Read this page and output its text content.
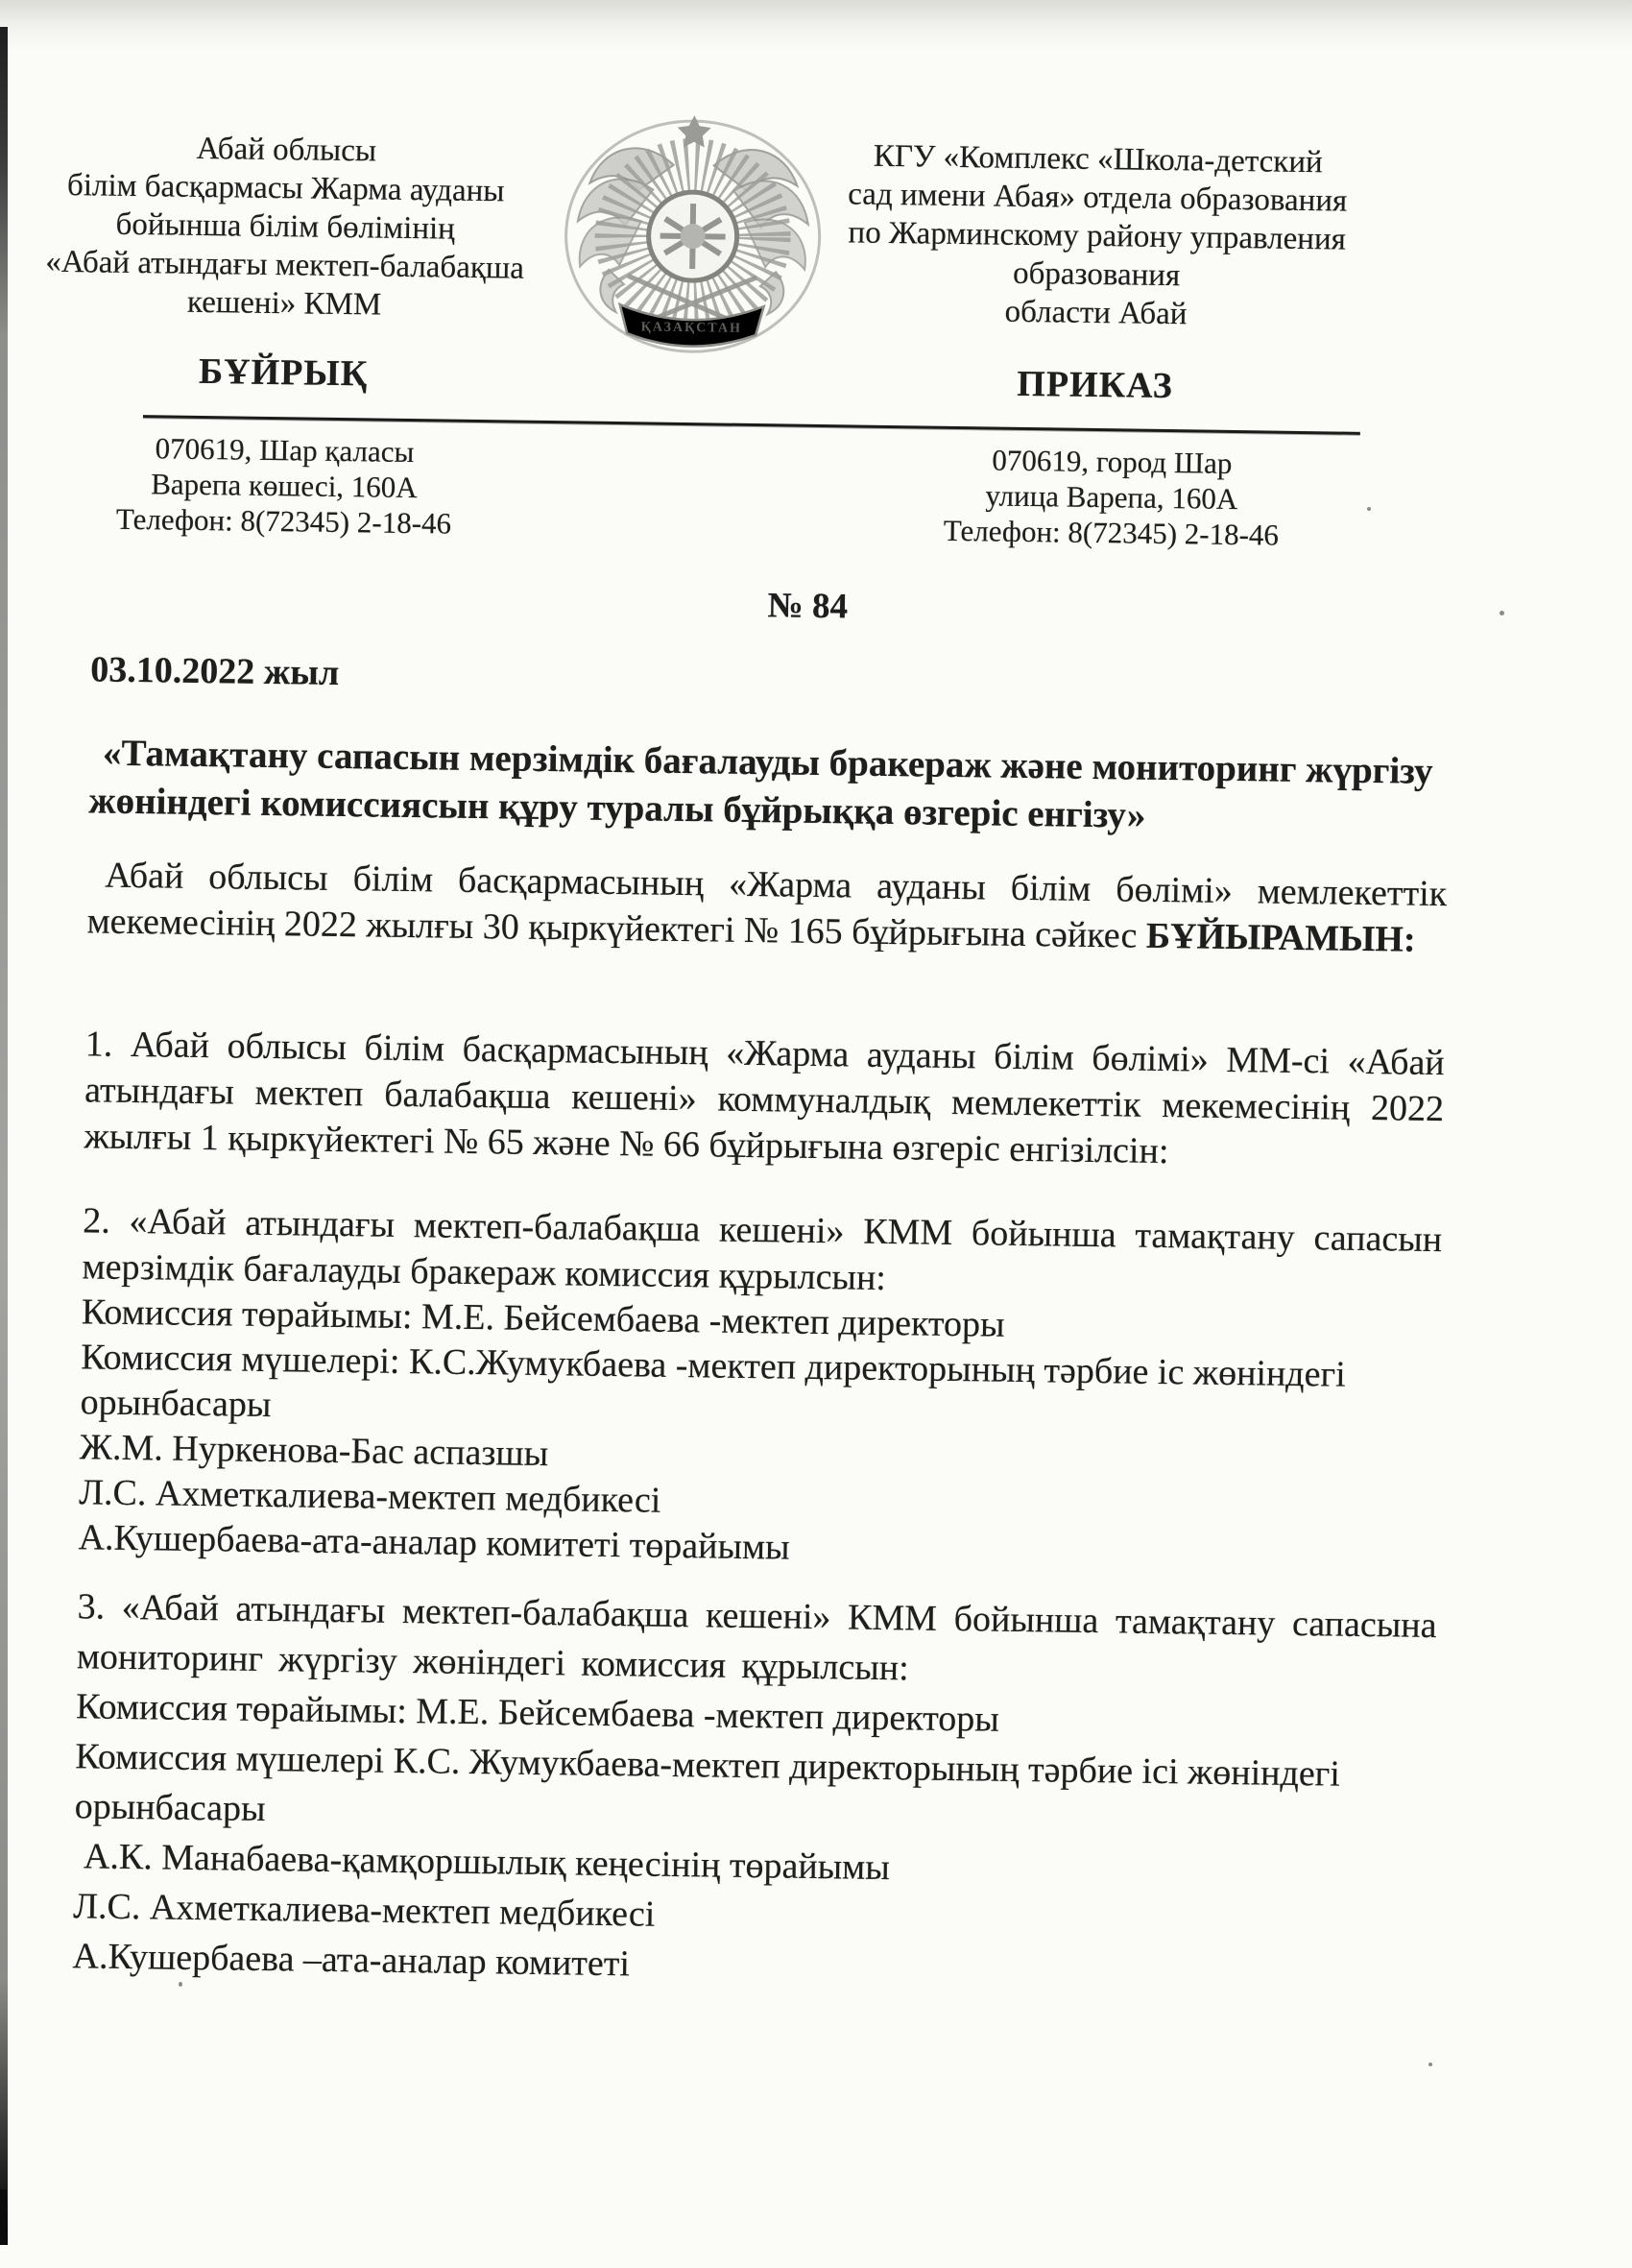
Абай облысы
білім басқармасы Жарма ауданы
бойынша білім бөлімінің
«Абай атындағы мектеп-балабақша
кешені» КММ
ҚАЗАҚСТАН
КГУ «Комплекс «Школа-детский
сад имени Абая» отдела образования
по Жарминскому району управления
образования
области Абай
БҰЙРЫҚ	ПРИКАЗ
070619, Шар қаласы
Варепа көшесі, 160А
Телефон: 8(72345) 2-18-46
070619, город Шар
улица Варепа, 160А
Телефон: 8(72345) 2-18-46
№ 84
03.10.2022 жыл
«Тамақтану сапасын мерзімдік бағалауды бракераж және мониторинг жүргізу жөніндегі комиссиясын құру туралы бұйрыққа өзгеріс енгізу»

Абай облысы білім басқармасының «Жарма ауданы білім бөлімі» мемлекеттік мекемесінің 2022 жылғы 30 қыркүйектегі № 165 бұйрығына сәйкес БҰЙЫРАМЫН:

1. Абай облысы білім басқармасының «Жарма ауданы білім бөлімі» ММ-сі «Абай атындағы мектеп балабақша кешені» коммуналдық мемлекеттік мекемесінің 2022 жылғы 1 қыркүйектегі № 65 және № 66 бұйрығына өзгеріс енгізілсін:

2. «Абай атындағы мектеп-балабақша кешені» КММ бойынша тамақтану сапасын мерзімдік бағалауды бракераж комиссия құрылсын:

Комиссия төрайымы: М.Е. Бейсембаева -мектеп директоры
Комиссия мүшелері: К.С.Жумукбаева -мектеп директорының тәрбие іс жөніндегі орынбасары
Ж.М. Нуркенова-Бас аспазшы
Л.С. Ахметкалиева-мектеп медбикесі
А.Кушербаева-ата-аналар комитеті төрайымы

3. «Абай атындағы мектеп-балабақша кешені» КММ бойынша тамақтану сапасына мониторинг жүргізу жөніндегі комиссия құрылсын:

Комиссия төрайымы: М.Е. Бейсембаева -мектеп директоры
Комиссия мүшелері К.С. Жумукбаева-мектеп директорының тәрбие ісі жөніндегі орынбасары
А.К. Манабаева-қамқоршылық кеңесінің төрайымы
Л.С. Ахметкалиева-мектеп медбикесі
А.Кушербаева –ата-аналар комитеті
